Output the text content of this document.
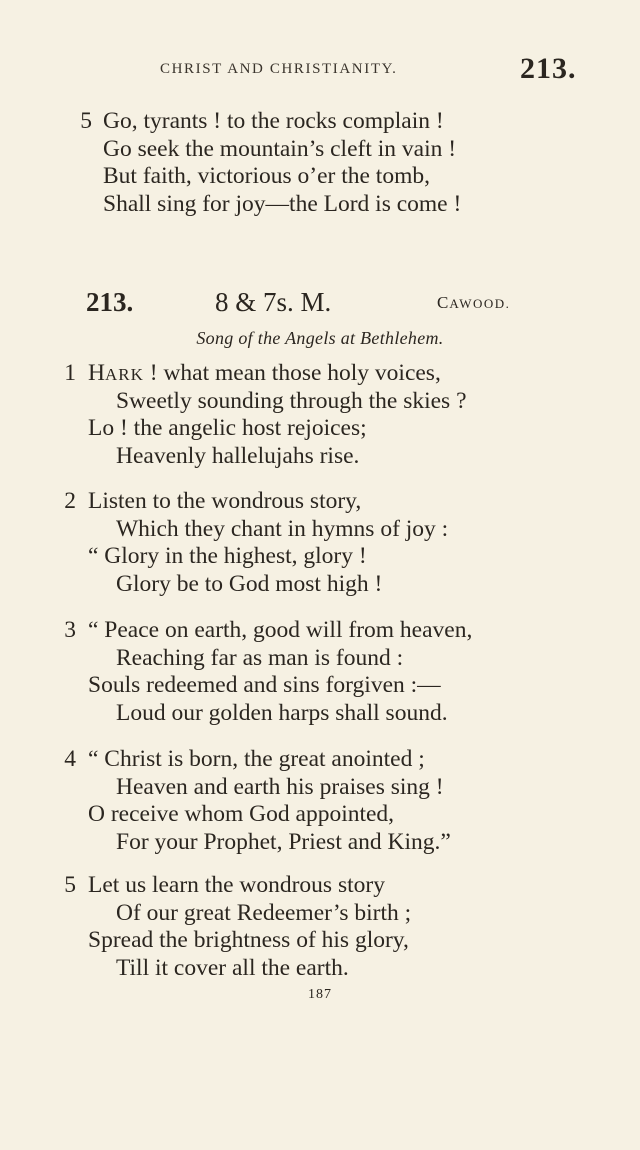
CHRIST AND CHRISTIANITY.	213.
5 Go, tyrants ! to the rocks complain !
Go seek the mountain’s cleft in vain !
But faith, victorious o’er the tomb,
Shall sing for joy—the Lord is come !
213.	8 & 7s. M.	CAWOOD.
Song of the Angels at Bethlehem.
1 HARK ! what mean those holy voices,
Sweetly sounding through the skies ?
Lo ! the angelic host rejoices;
Heavenly hallelujahs rise.
2 Listen to the wondrous story,
Which they chant in hymns of joy :
“ Glory in the highest, glory !
Glory be to God most high !
3 “ Peace on earth, good will from heaven,
Reaching far as man is found :
Souls redeemed and sins forgiven :—
Loud our golden harps shall sound.
4 “ Christ is born, the great anointed ;
Heaven and earth his praises sing !
O receive whom God appointed,
For your Prophet, Priest and King.”
5 Let us learn the wondrous story
Of our great Redeemer’s birth ;
Spread the brightness of his glory,
Till it cover all the earth.
187
